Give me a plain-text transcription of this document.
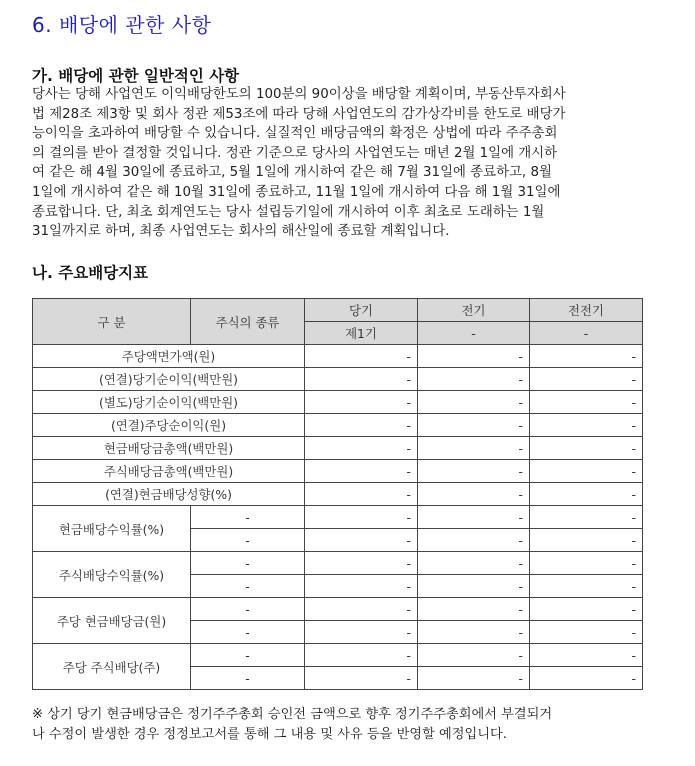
6. 배당에 관한 사항
가. 배당에 관한 일반적인 사항

당사는 당해 사업연도 이익배당한도의 100분의 90이상을 배당할 계획이며, 부동산투자회사
법 제28조 제3항 및 회사 정관 제53조에 따라 당해 사업연도의 감가상각비를 한도로 배당가
능이익을 초과하여 배당할 수 있습니다. 실질적인 배당금액의 확정은 상법에 따라 주주총회
의 결의를 받아 결정할 것입니다. 정관 기준으로 당사의 사업연도는 매년 2월 1일에 개시하
여 같은 해 4월 30일에 종료하고, 5월 1일에 개시하여 같은 해 7월 31일에 종료하고, 8월
1일에 개시하여 같은 해 10월 31일에 종료하고, 11월 1일에 개시하여 다음 해 1월 31일에
종료합니다. 단, 최초 회계연도는 당사 설립등기일에 개시하여 이후 최초로 도래하는 1월
31일까지로 하며, 최종 사업연도는 회사의 해산일에 종료할 계획입니다.

나. 주요배당지표
구 분	주식의 종류	당기	전기	전전기
		제1기	-	-
주당액면가액(원)		-	-	-
(연결)당기순이익(백만원)		-	-	-
(별도)당기순이익(백만원)		-	-	-
(연결)주당순이익(원)		-	-	-
현금배당금총액(백만원)		-	-	-
주식배당금총액(백만원)		-	-	-
(연결)현금배당성향(%)		-	-	-
현금배당수익률(%)	-	-	-	-
	-	-	-	-
주식배당수익률(%)	-	-	-	-
	-	-	-	-
주당 현금배당금(원)	-	-	-	-
	-	-	-	-
주당 주식배당(주)	-	-	-	-
	-	-	-	-

※ 상기 당기 현금배당금은 정기주주총회 승인전 금액으로 향후 정기주주총회에서 부결되거
나 수정이 발생한 경우 정정보고서를 통해 그 내용 및 사유 등을 반영할 예정입니다.
